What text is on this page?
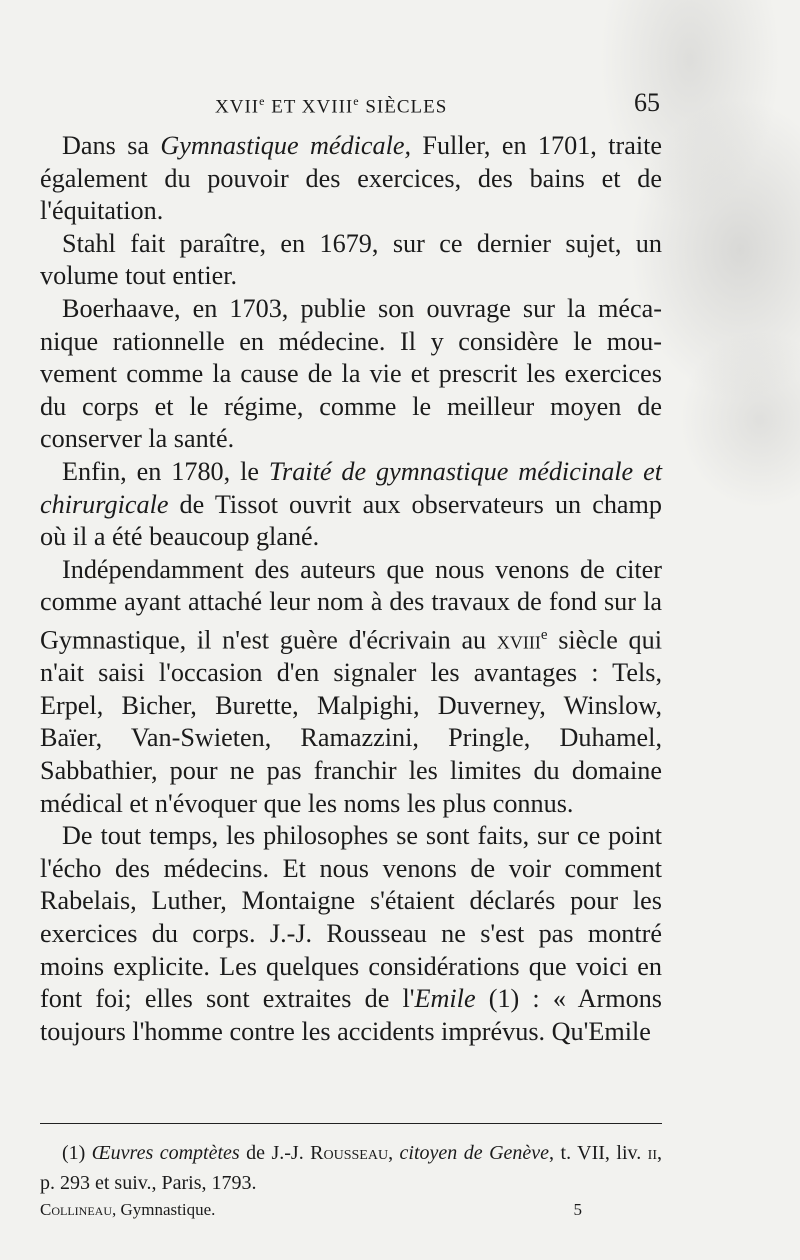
XVIIe ET XVIIIe SIÈCLES	65

Dans sa Gymnastique médicale, Fuller, en 1701, traite également du pouvoir des exercices, des bains et de l'équitation.

Stahl fait paraître, en 1679, sur ce dernier sujet, un volume tout entier.

Boerhaave, en 1703, publie son ouvrage sur la mécanique rationnelle en médecine. Il y considère le mouvement comme la cause de la vie et prescrit les exercices du corps et le régime, comme le meilleur moyen de conserver la santé.

Enfin, en 1780, le Traité de gymnastique médicinale et chirurgicale de Tissot ouvrit aux observateurs un champ où il a été beaucoup glané.

Indépendamment des auteurs que nous venons de citer comme ayant attaché leur nom à des travaux de fond sur la Gymnastique, il n'est guère d'écrivain au xviii$^e$ siècle qui n'ait saisi l'occasion d'en signaler les avantages : Tels, Erpel, Bicher, Burette, Malpighi, Duverney, Winslow, Baïer, Van-Swieten, Ramazzini, Pringle, Duhamel, Sabbathier, pour ne pas franchir les limites du domaine médical et n'évoquer que les noms les plus connus.

De tout temps, les philosophes se sont faits, sur ce point l'écho des médecins. Et nous venons de voir comment Rabelais, Luther, Montaigne s'étaient déclarés pour les exercices du corps. J.-J. Rousseau ne s'est pas montré moins explicite. Les quelques considérations que voici en font foi; elles sont extraites de l'Emile (1) : « Armons toujours l'homme contre les accidents imprévus. Qu'Emile

(1) Œuvres comptètes de J.-J. Rousseau, citoyen de Genève, t. VII, liv. ii, p. 293 et suiv., Paris, 1793.

Collineau, Gymnastique.	5
